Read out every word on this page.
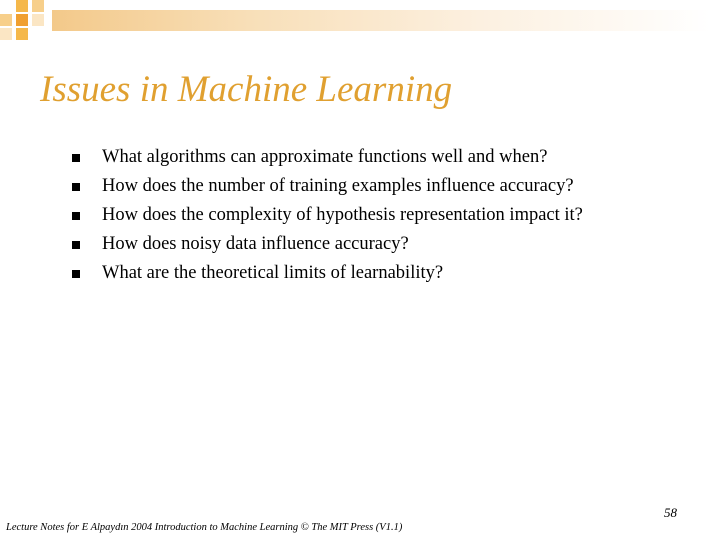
Issues in Machine Learning
What algorithms can approximate functions well and when?
How does the number of training examples influence accuracy?
How does the complexity of hypothesis representation impact it?
How does noisy data influence accuracy?
What are the theoretical limits of learnability?
58
Lecture Notes for E Alpaydın 2004 Introduction to Machine Learning © The MIT Press (V1.1)
